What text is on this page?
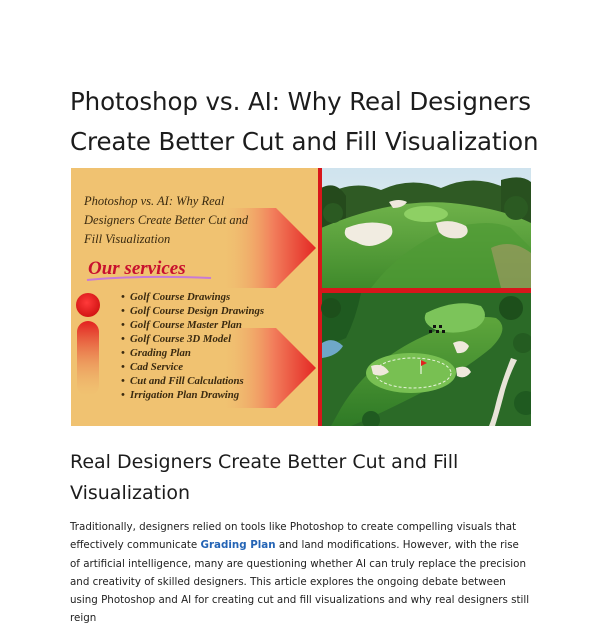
Photoshop vs. AI: Why Real Designers Create Better Cut and Fill Visualization
Photoshop vs. AI: Why Real Designers Create Better Cut and Fill Visualization
Our services
• Golf Course Drawings
• Golf Course Design Drawings
• Golf Course Master Plan
• Golf Course 3D Model
• Grading Plan
• Cad Service
• Cut and Fill Calculations
• Irrigation Plan Drawing
Real Designers Create Better Cut and Fill Visualization

Traditionally, designers relied on tools like Photoshop to create compelling visuals that effectively communicate Grading Plan and land modifications. However, with the rise of artificial intelligence, many are questioning whether AI can truly replace the precision and creativity of skilled designers. This article explores the ongoing debate between using Photoshop and AI for creating cut and fill visualizations and why real designers still reign
